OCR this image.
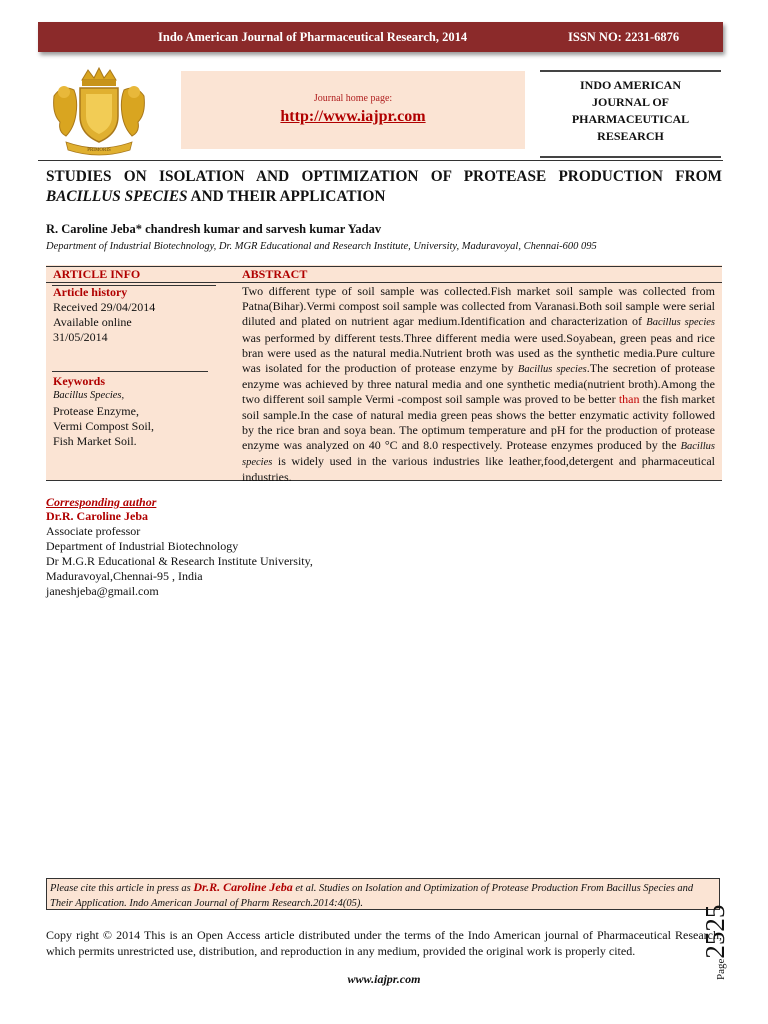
Indo American Journal of Pharmaceutical Research, 2014	ISSN NO: 2231-6876
PRIMORIS
Journal home page:
http://www.iajpr.com
INDO AMERICAN
JOURNAL OF
PHARMACEUTICAL
RESEARCH
STUDIES ON ISOLATION AND OPTIMIZATION OF PROTEASE PRODUCTION FROM BACILLUS SPECIES AND THEIR APPLICATION
R. Caroline Jeba* chandresh kumar and sarvesh kumar Yadav
Department of Industrial Biotechnology, Dr. MGR Educational and Research Institute, University, Maduravoyal, Chennai-600 095
ARTICLE INFO	ABSTRACT
Article history
Received 29/04/2014
Available online
31/05/2014
Keywords
Bacillus Species,
Protease Enzyme,
Vermi Compost Soil,
Fish Market Soil.
Two different type of soil sample was collected.Fish market soil sample was collected from Patna(Bihar).Vermi compost soil sample was collected from Varanasi.Both soil sample were serial diluted and plated on nutrient agar medium.Identification and characterization of Bacillus species was performed by different tests.Three different media were used.Soyabean, green peas and rice bran were used as the natural media.Nutrient broth was used as the synthetic media.Pure culture was isolated for the production of protease enzyme by Bacillus species.The secretion of protease enzyme was achieved by three natural media and one synthetic media(nutrient broth).Among the two different soil sample Vermi -compost soil sample was proved to be better than the fish market soil sample.In the case of natural media green peas shows the better enzymatic activity followed by the rice bran and soya bean. The optimum temperature and pH for the production of protease enzyme was analyzed on 40 °C and 8.0 respectively. Protease enzymes produced by the Bacillus species is widely used in the various industries like leather,food,detergent and pharmaceutical industries.
Corresponding author
Dr.R. Caroline Jeba
Associate professor
Department of Industrial Biotechnology
Dr M.G.R Educational & Research Institute University,
Maduravoyal,Chennai-95 , India
janeshjeba@gmail.com
Please cite this article in press as Dr.R. Caroline Jeba et al. Studies on Isolation and Optimization of Protease Production From Bacillus Species and Their Application. Indo American Journal of Pharm Research.2014:4(05).
Copy right © 2014 This is an Open Access article distributed under the terms of the Indo American journal of Pharmaceutical Research, which permits unrestricted use, distribution, and reproduction in any medium, provided the original work is properly cited.
www.iajpr.com	Page2525
